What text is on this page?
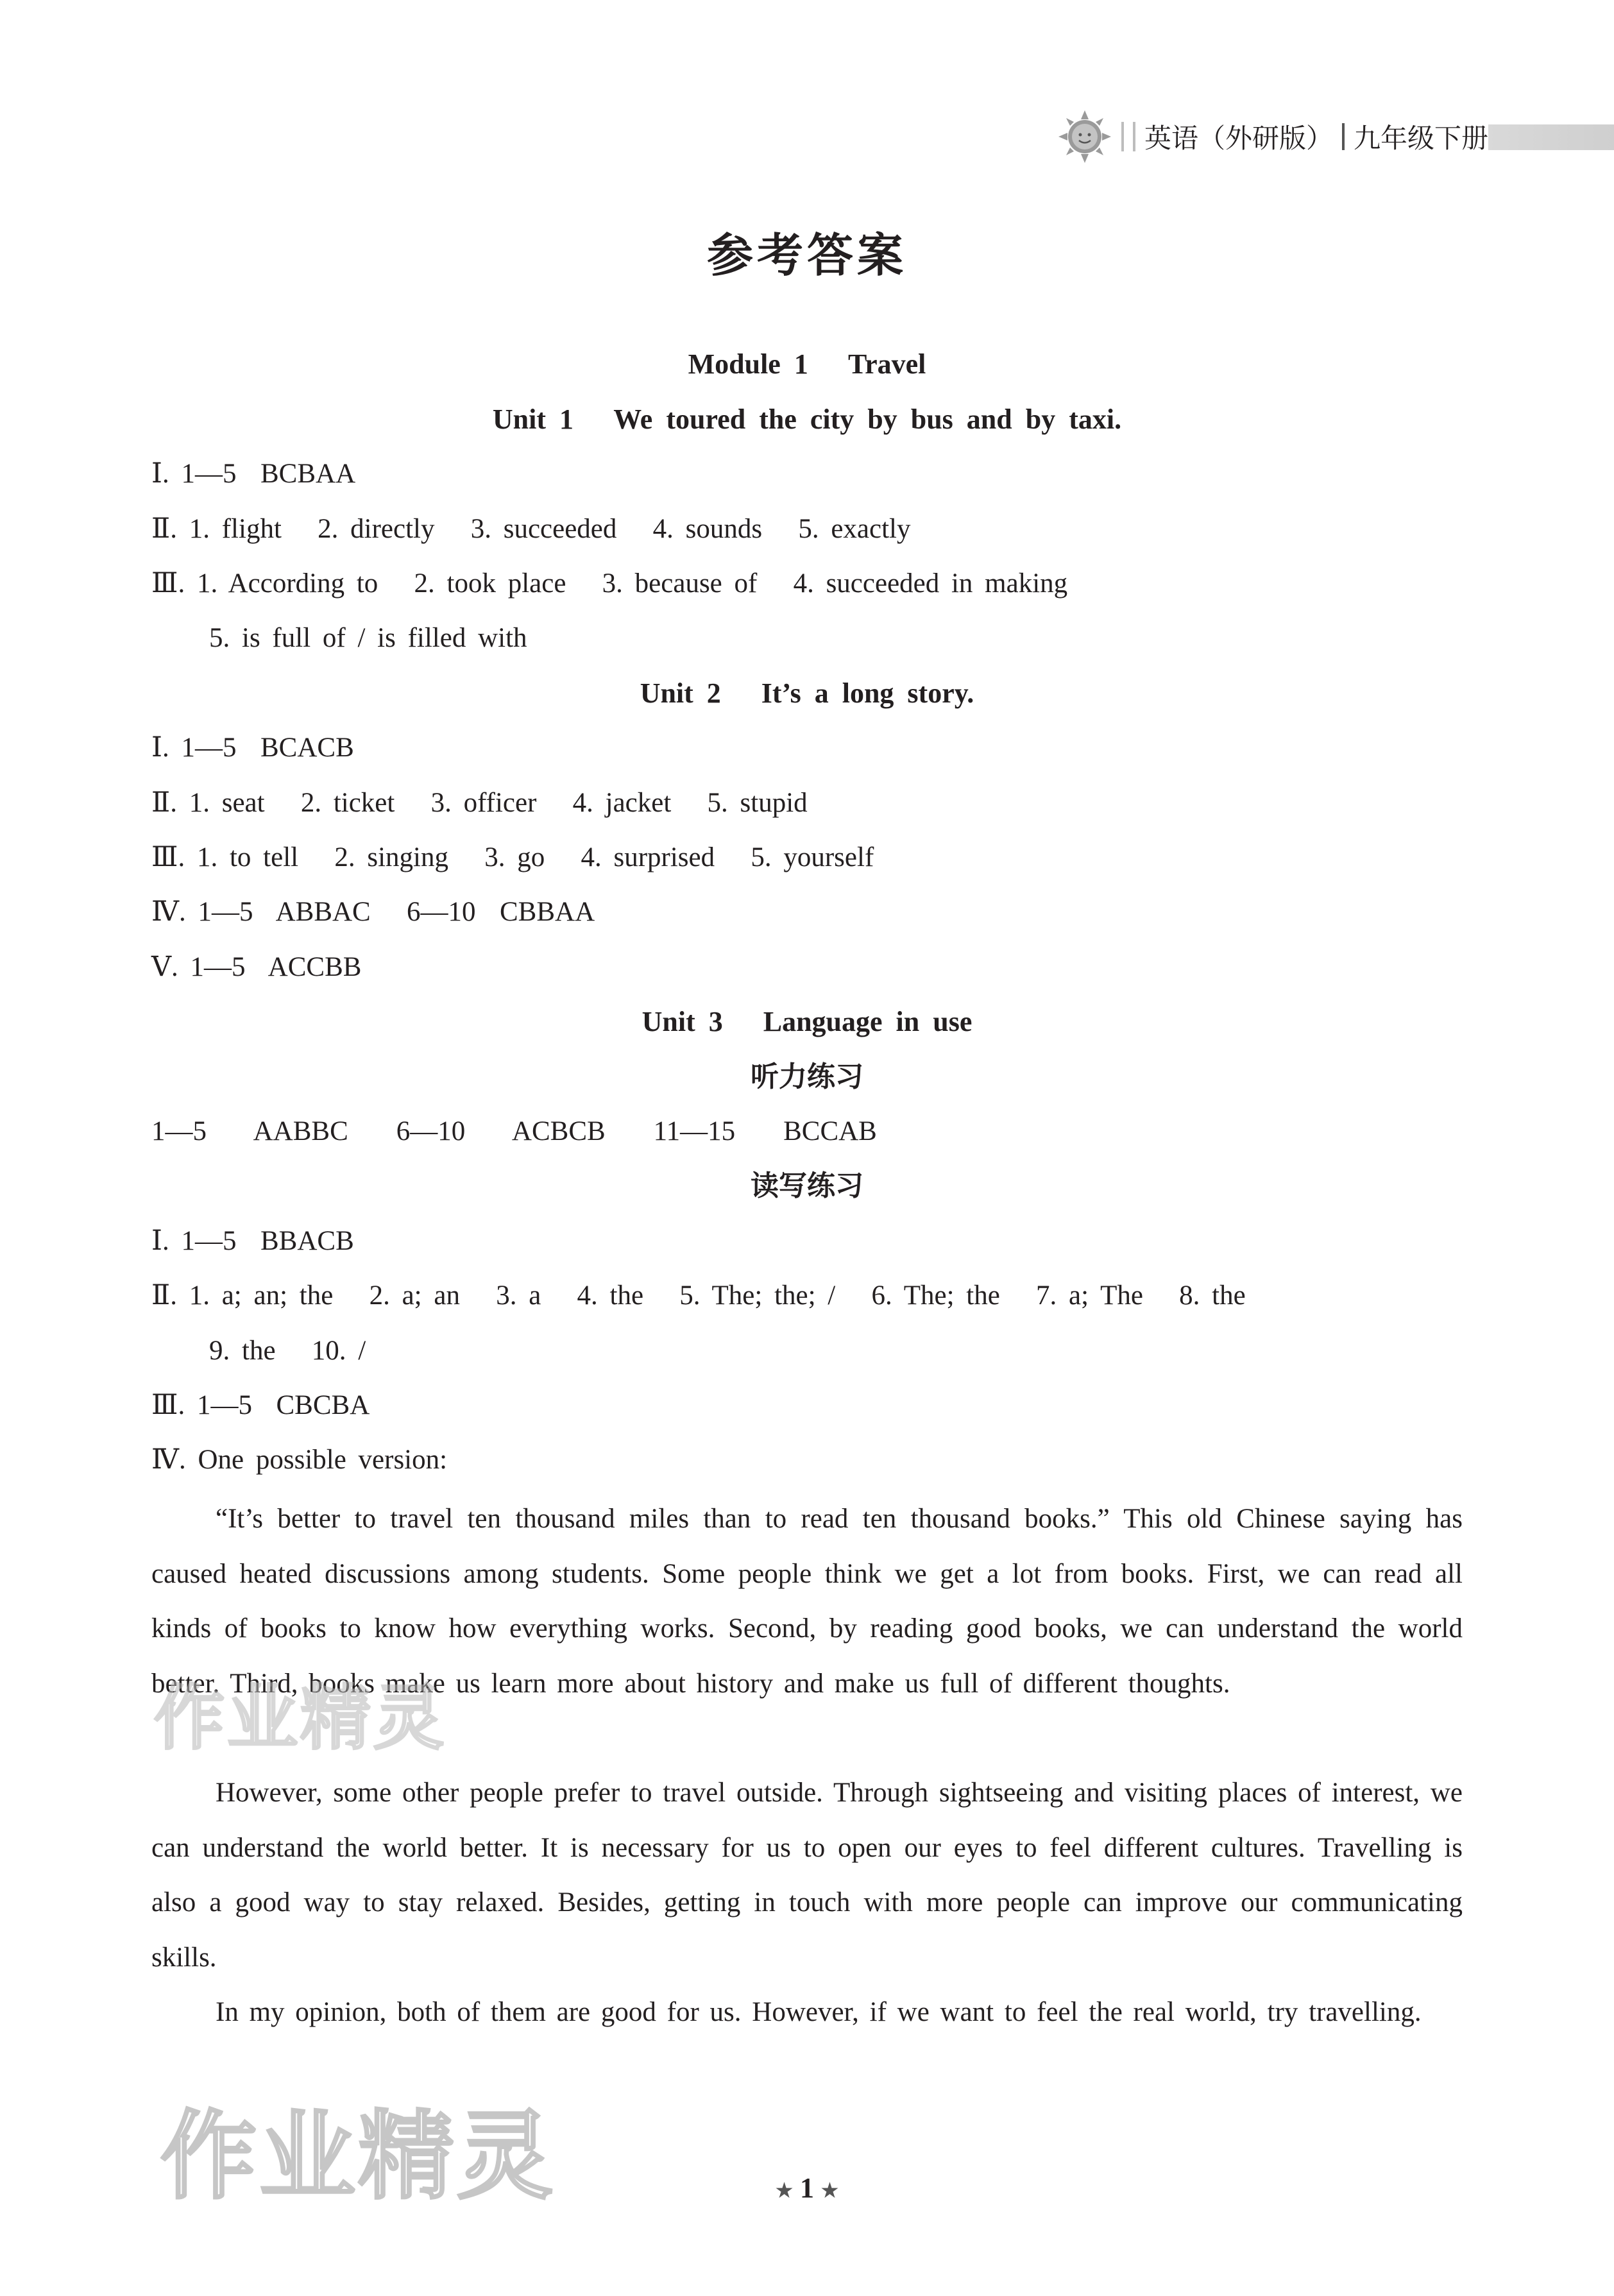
英语（外研版） 九年级下册
参考答案
Module 1   Travel
Unit 1   We toured the city by bus and by taxi.
Ⅰ. 1—5  BCBAA
Ⅱ. 1. flight   2. directly   3. succeeded   4. sounds   5. exactly
Ⅲ. 1. According to   2. took place   3. because of   4. succeeded in making
5. is full of / is filled with
Unit 2   It’s a long story.
Ⅰ. 1—5  BCACB
Ⅱ. 1. seat   2. ticket   3. officer   4. jacket   5. stupid
Ⅲ. 1. to tell   2. singing   3. go   4. surprised   5. yourself
Ⅳ. 1—5  ABBAC   6—10  CBBAA
Ⅴ. 1—5  ACCBB
Unit 3   Language in use
听力练习
1—5    AABBC    6—10    ACBCB    11—15    BCCAB
读写练习
Ⅰ. 1—5  BBACB
Ⅱ. 1. a; an; the   2. a; an   3. a   4. the   5. The; the; /   6. The; the   7. a; The   8. the
9. the   10. /
Ⅲ. 1—5  CBCBA
Ⅳ. One possible version:
“It’s better to travel ten thousand miles than to read ten thousand books.” This old Chinese saying has caused heated discussions among students. Some people think we get a lot from books. First, we can read all kinds of books to know how everything works. Second, by reading good books, we can understand the world better. Third, books make us learn more about history and make us full of different thoughts.
However, some other people prefer to travel outside. Through sightseeing and visiting places of interest, we can understand the world better. It is necessary for us to open our eyes to feel different cultures. Travelling is also a good way to stay relaxed. Besides, getting in touch with more people can improve our communicating skills.
In my opinion, both of them are good for us. However, if we want to feel the real world, try travelling.
作业精灵
作业精灵	★ 1 ★
